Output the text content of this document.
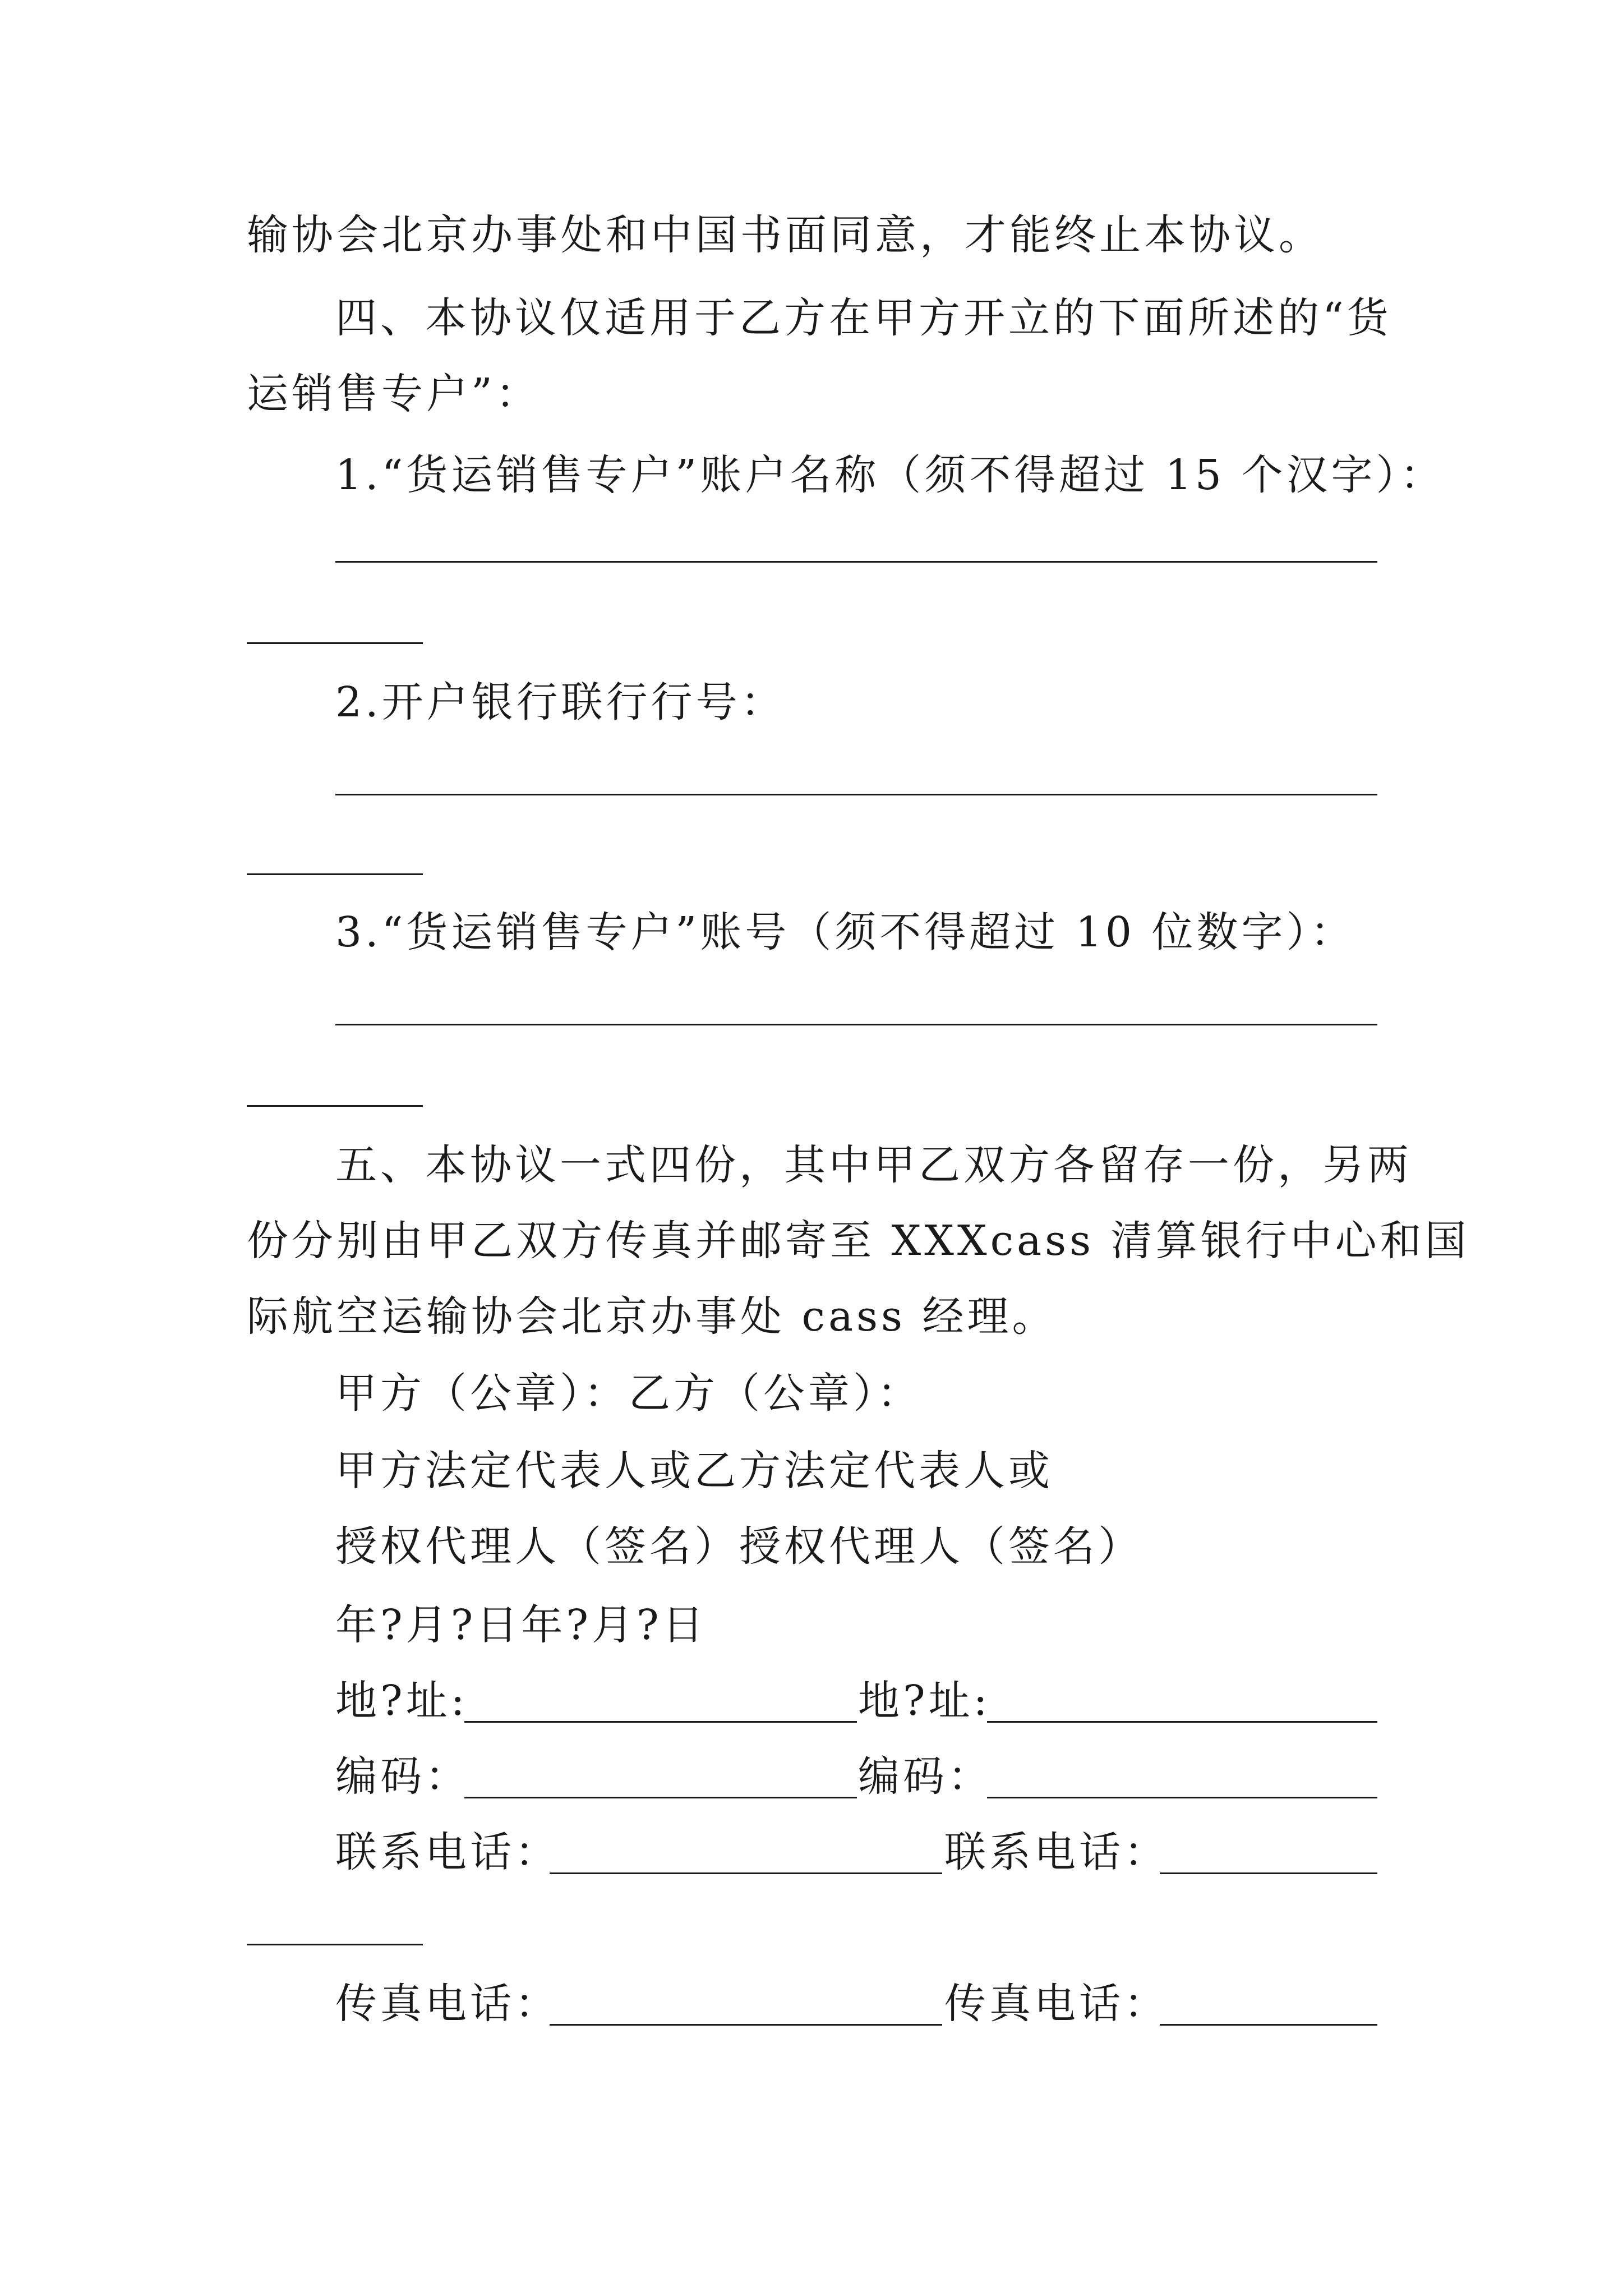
输协会北京办事处和中国书面同意，才能终止本协议。
四、本协议仅适用于乙方在甲方开立的下面所述的“货
运销售专户”：
1.“货运销售专户”账户名称（须不得超过 15 个汉字）：
2.开户银行联行行号：
3.“货运销售专户”账号（须不得超过 10 位数字）：
五、本协议一式四份，其中甲乙双方各留存一份，另两
份分别由甲乙双方传真并邮寄至 XXXcass 清算银行中心和国
际航空运输协会北京办事处 cass 经理。
甲方（公章）：乙方（公章）：
甲方法定代表人或乙方法定代表人或
授权代理人（签名）授权代理人（签名）
年?月?日年?月?日
地?址:	地?址:
编码：	编码：
联系电话：	联系电话：
传真电话：	传真电话：
